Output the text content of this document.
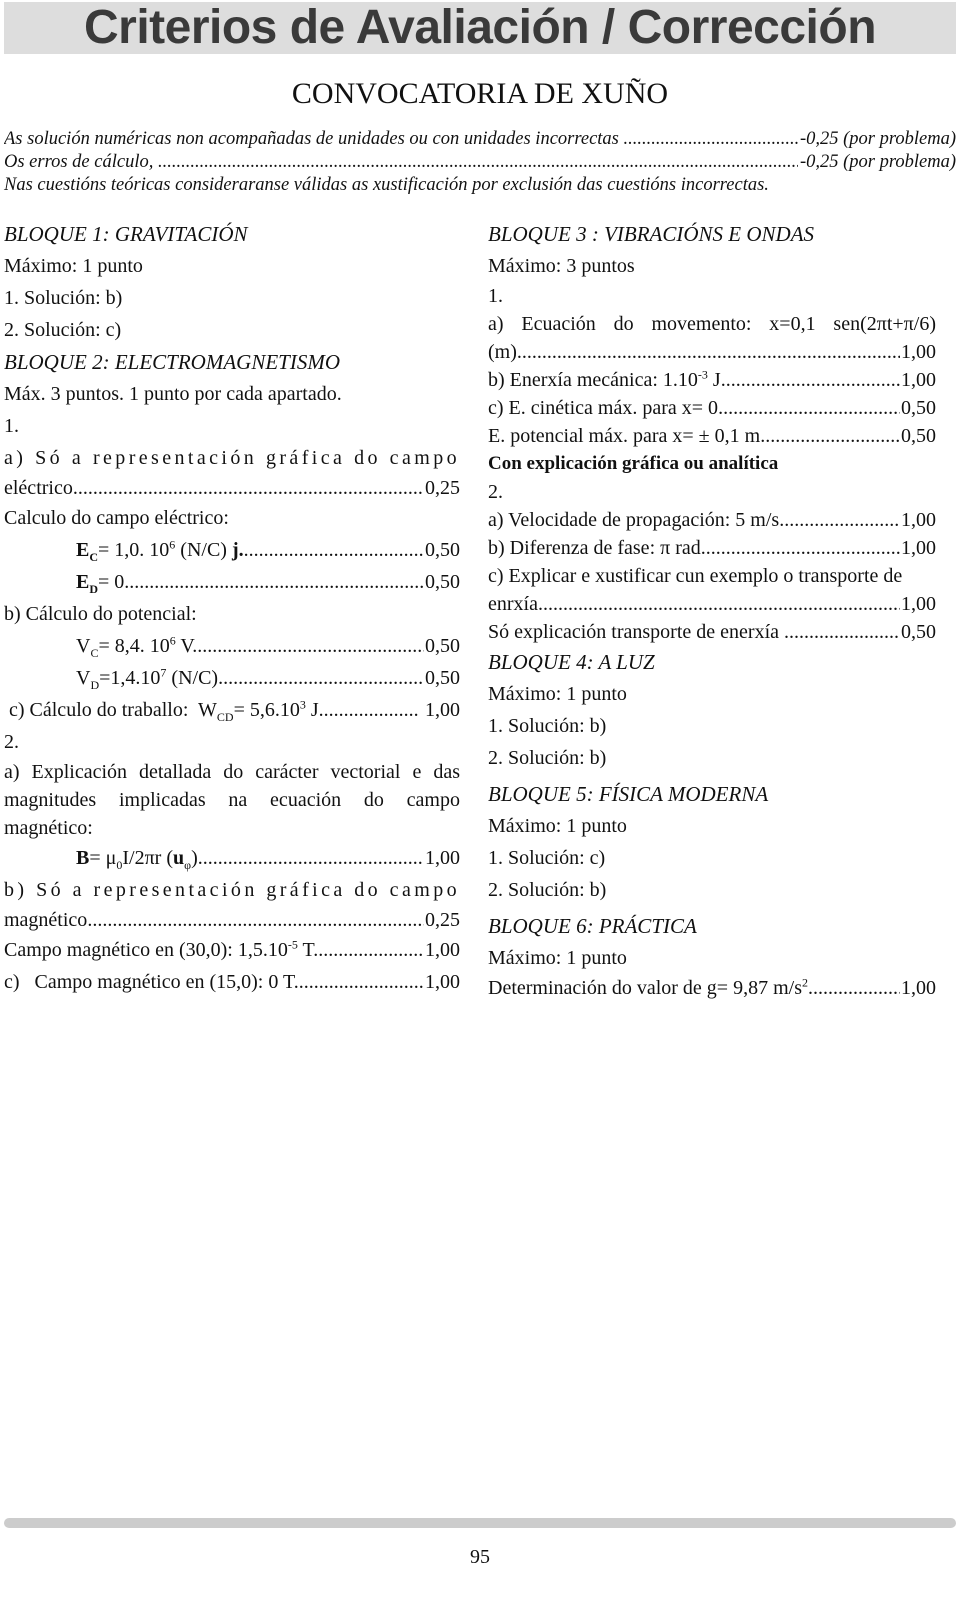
Criterios de Avaliación / Corrección
CONVOCATORIA DE XUÑO
As solución numéricas non acompañadas de unidades ou con unidades incorrectas .....	-0,25 (por problema)
Os erros de cálculo, .....	-0,25 (por problema)
Nas cuestións teóricas consideraranse válidas as xustificación por exclusión das cuestións incorrectas.
BLOQUE 1: GRAVITACIÓN
Máximo: 1 punto
1. Solución: b)
2. Solución: c)
BLOQUE 2: ELECTROMAGNETISMO
Máx. 3 puntos. 1 punto por cada apartado.
1.
a) Só a representación gráfica do campo
eléctrico .....	0,25
Calculo do campo eléctrico:
$E_C= 1,0$. $10^6$ (N/C) j. .....	0,50
$E_D= 0$. .....	0,50
b) Cálculo do potencial:
$V_C= 8,4$. $10^6$ V .....	0,50
$V_D=1,4.10^7$ (N/C) .....	0,50
c) Cálculo do traballo:  $W_{CD}= 5,6.10^3$ J .....	1,00
2.
a) Explicación detallada do carácter vectorial e das magnitudes implicadas na ecuación do campo magnético:
$B= \mu_0I/2\pi r$ $(u_\varphi)$ .....	1,00
b) Só a representación gráfica do campo
magnético .....	0,25
Campo magnético en (30,0): $1,5.10^{-5}$ T .....	1,00
c)   Campo magnético en (15,0): 0 T .....	1,00
BLOQUE 3 : VIBRACIÓNS E ONDAS
Máximo: 3 puntos
1.
a) Ecuación do movemento: x=0,1 sen(2πt+π/6)
(m) .....	1,00
b) Enerxía mecánica: $1.10^{-3}$ J .....	1,00
c) E. cinética máx. para x= 0 .....	0,50
E. potencial máx. para x= ± 0,1 m .....	0,50
Con explicación gráfica ou analítica
2.
a) Velocidade de propagación: 5 m/s .....	1,00
b) Diferenza de fase: π rad .....	1,00
c) Explicar e xustificar cun exemplo o transporte de
enrxía .....	1,00
Só explicación transporte de enerxía  .....	0,50
BLOQUE 4: A LUZ
Máximo: 1 punto
1. Solución: b)
2. Solución: b)
BLOQUE 5: FÍSICA MODERNA
Máximo: 1 punto
1. Solución: c)
2. Solución: b)
BLOQUE 6: PRÁCTICA
Máximo: 1 punto
Determinación do valor de g= 9,87 $m/s^2$ .....	1,00
95
